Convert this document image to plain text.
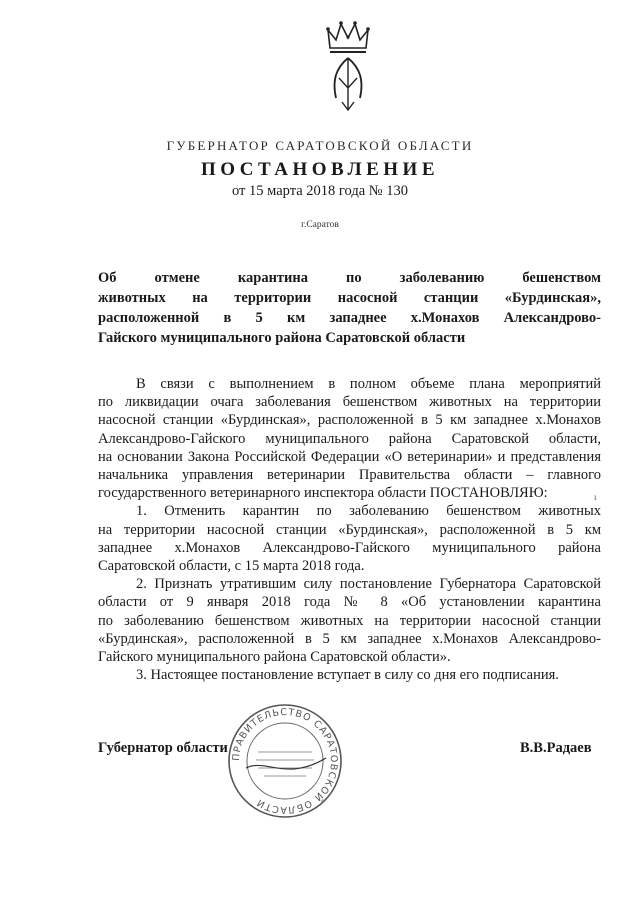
ГУБЕРНАТОР САРАТОВСКОЙ ОБЛАСТИ
ПОСТАНОВЛЕНИЕ
от 15 марта 2018 года № 130
г.Саратов
Об отмене карантина по заболеванию бешенством
животных на территории насосной станции «Бурдинская»,
расположенной в 5 км западнее х.Монахов Александрово-
Гайского муниципального района Саратовской области
В связи с выполнением в полном объеме плана мероприятий
по ликвидации очага заболевания бешенством животных на территории
насосной станции «Бурдинская», расположенной в 5 км западнее х.Монахов
Александрово-Гайского муниципального района Саратовской области,
на основании Закона Российской Федерации «О ветеринарии» и представления
начальника управления ветеринарии Правительства области – главного
государственного ветеринарного инспектора области ПОСТАНОВЛЯЮ:
1. Отменить карантин по заболеванию бешенством животных
на территории насосной станции «Бурдинская», расположенной в 5 км
западнее х.Монахов Александрово-Гайского муниципального района
Саратовской области, с 15 марта 2018 года.
2. Признать утратившим силу постановление Губернатора Саратовской
области от 9 января 2018 года № 8 «Об установлении карантина
по заболеванию бешенством животных на территории насосной станции
«Бурдинская», расположенной в 5 км западнее х.Монахов Александрово-
Гайского муниципального района Саратовской области».
3. Настоящее постановление вступает в силу со дня его подписания.
ı
ПРАВИТЕЛЬСТВО САРАТОВСКОЙ ОБЛАСТИ
Губернатор области	В.В.Радаев
